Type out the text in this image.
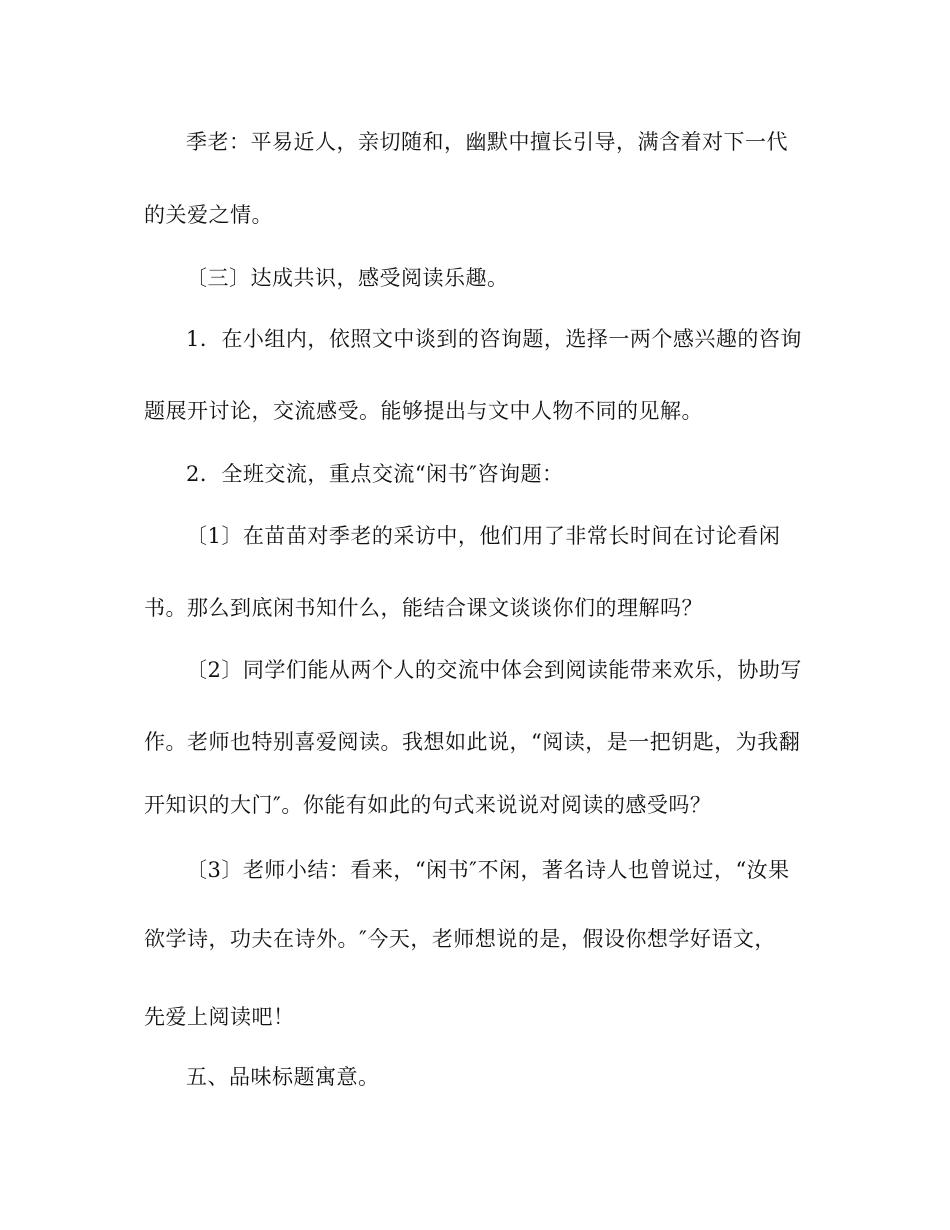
季老：平易近人，亲切随和，幽默中擅长引导，满含着对下一代
的关爱之情。
〔三〕达成共识，感受阅读乐趣。
1．在小组内，依照文中谈到的咨询题，选择一两个感兴趣的咨询
题展开讨论，交流感受。能够提出与文中人物不同的见解。
2．全班交流，重点交流“闲书″咨询题：
〔1〕在苗苗对季老的采访中，他们用了非常长时间在讨论看闲
书。那么到底闲书知什么，能结合课文谈谈你们的理解吗？
〔2〕同学们能从两个人的交流中体会到阅读能带来欢乐，协助写
作。老师也特别喜爱阅读。我想如此说，“阅读，是一把钥匙，为我翻
开知识的大门″。你能有如此的句式来说说对阅读的感受吗？
〔3〕老师小结：看来，“闲书″不闲，著名诗人也曾说过，“汝果
欲学诗，功夫在诗外。″今天，老师想说的是，假设你想学好语文，
先爱上阅读吧！
五、品味标题寓意。
